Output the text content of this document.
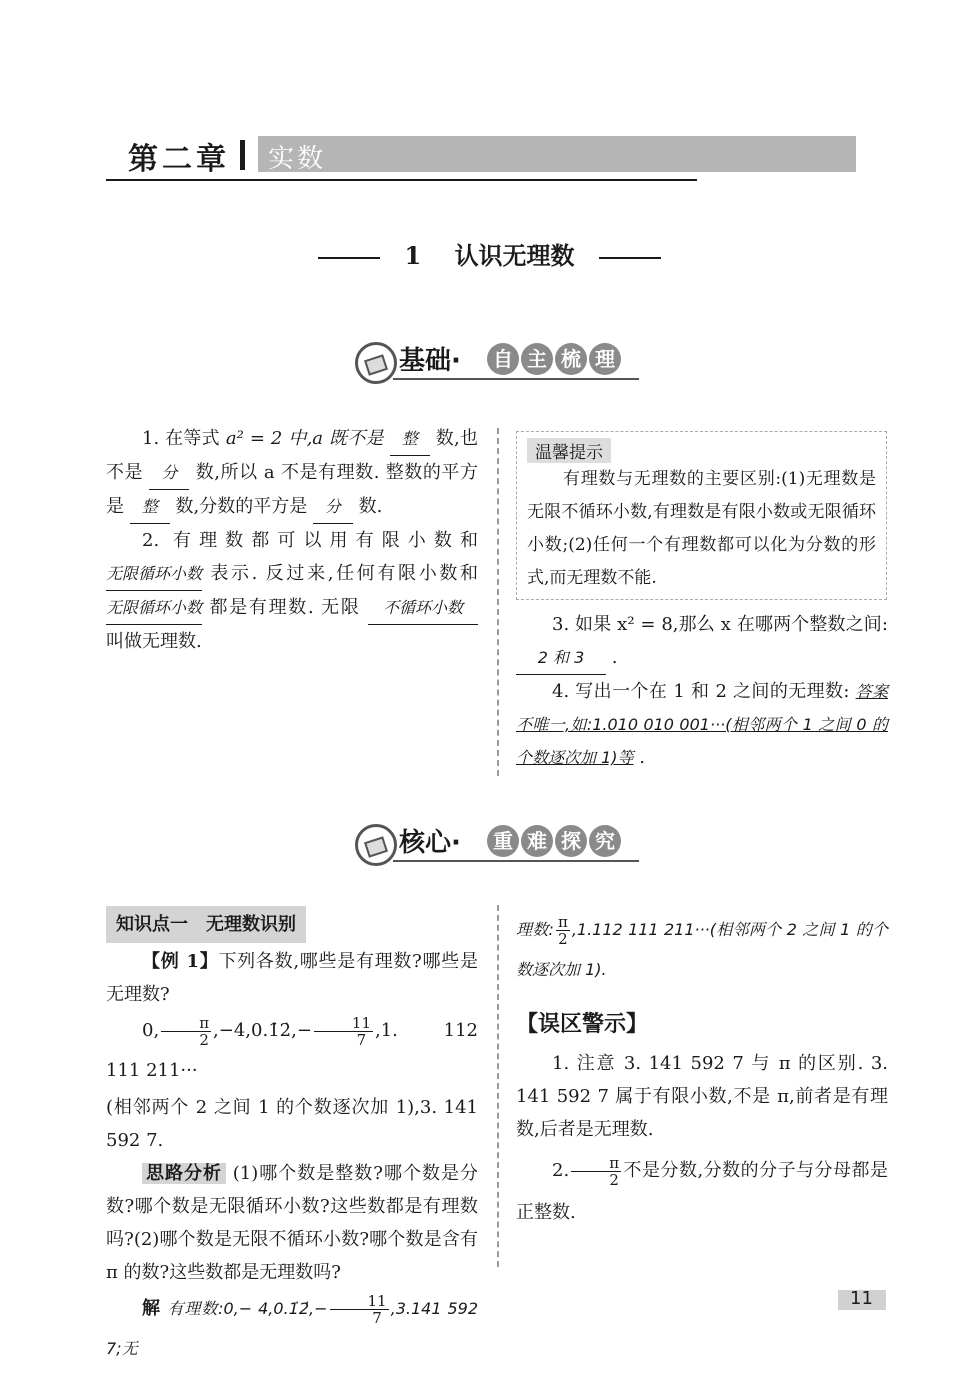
第二章 实数
1 认识无理数
基础·	自 主 梳 理

1. 在等式 a² = 2 中,a 既不是 整 数,也不是 分 数,所以 a 不是有理数. 整数的平方是 整 数,分数的平方是 分 数.

2. 有理数都可以用有限小数和 无限循环小数 表示. 反过来,任何有限小数和 无限循环小数 都是有理数. 无限 不循环小数 叫做无理数.

温馨提示
有理数与无理数的主要区别:(1)无理数是无限不循环小数,有理数是有限小数或无限循环小数;(2)任何一个有理数都可以化为分数的形式,而无理数不能.

3. 如果 x² = 8,那么 x 在哪两个整数之间: 2 和 3 .

4. 写出一个在 1 和 2 之间的无理数: 答案不唯一,如:1.010 010 001···(相邻两个 1 之间 0 的个数逐次加 1)等 .

核心·	重 难 探 究
知识点一　无理数识别

【例 1】下列各数,哪些是有理数?哪些是无理数?

0, $\frac{\pi}{2}$ ,−4,0.1̇2̇,− $\frac{11}{7} ,1$. 112 111 211···

(相邻两个 2 之间 1 的个数逐次加 1),3. 141 592 7.

思路分析 (1)哪个数是整数?哪个数是分数?哪个数是无限循环小数?这些数都是有理数吗?(2)哪个数是无限不循环小数?哪个数是含有 π 的数?这些数都是无理数吗?

解 有理数:0,− 4,0.1̇2̇,− $\frac{11}{7} ,3.141$ 592 7;无

理数: $\frac{\pi}{2} ,1.112$ 111 211···(相邻两个 2 之间 1 的个数逐次加 1).

【误区警示】

1. 注意 3. 141 592 7 与 π 的区别. 3. 141 592 7 属于有限小数,不是 π,前者是有理数,后者是无理数.

2. $\frac{\pi}{2}$ 不是分数,分数的分子与分母都是正整数.

11
